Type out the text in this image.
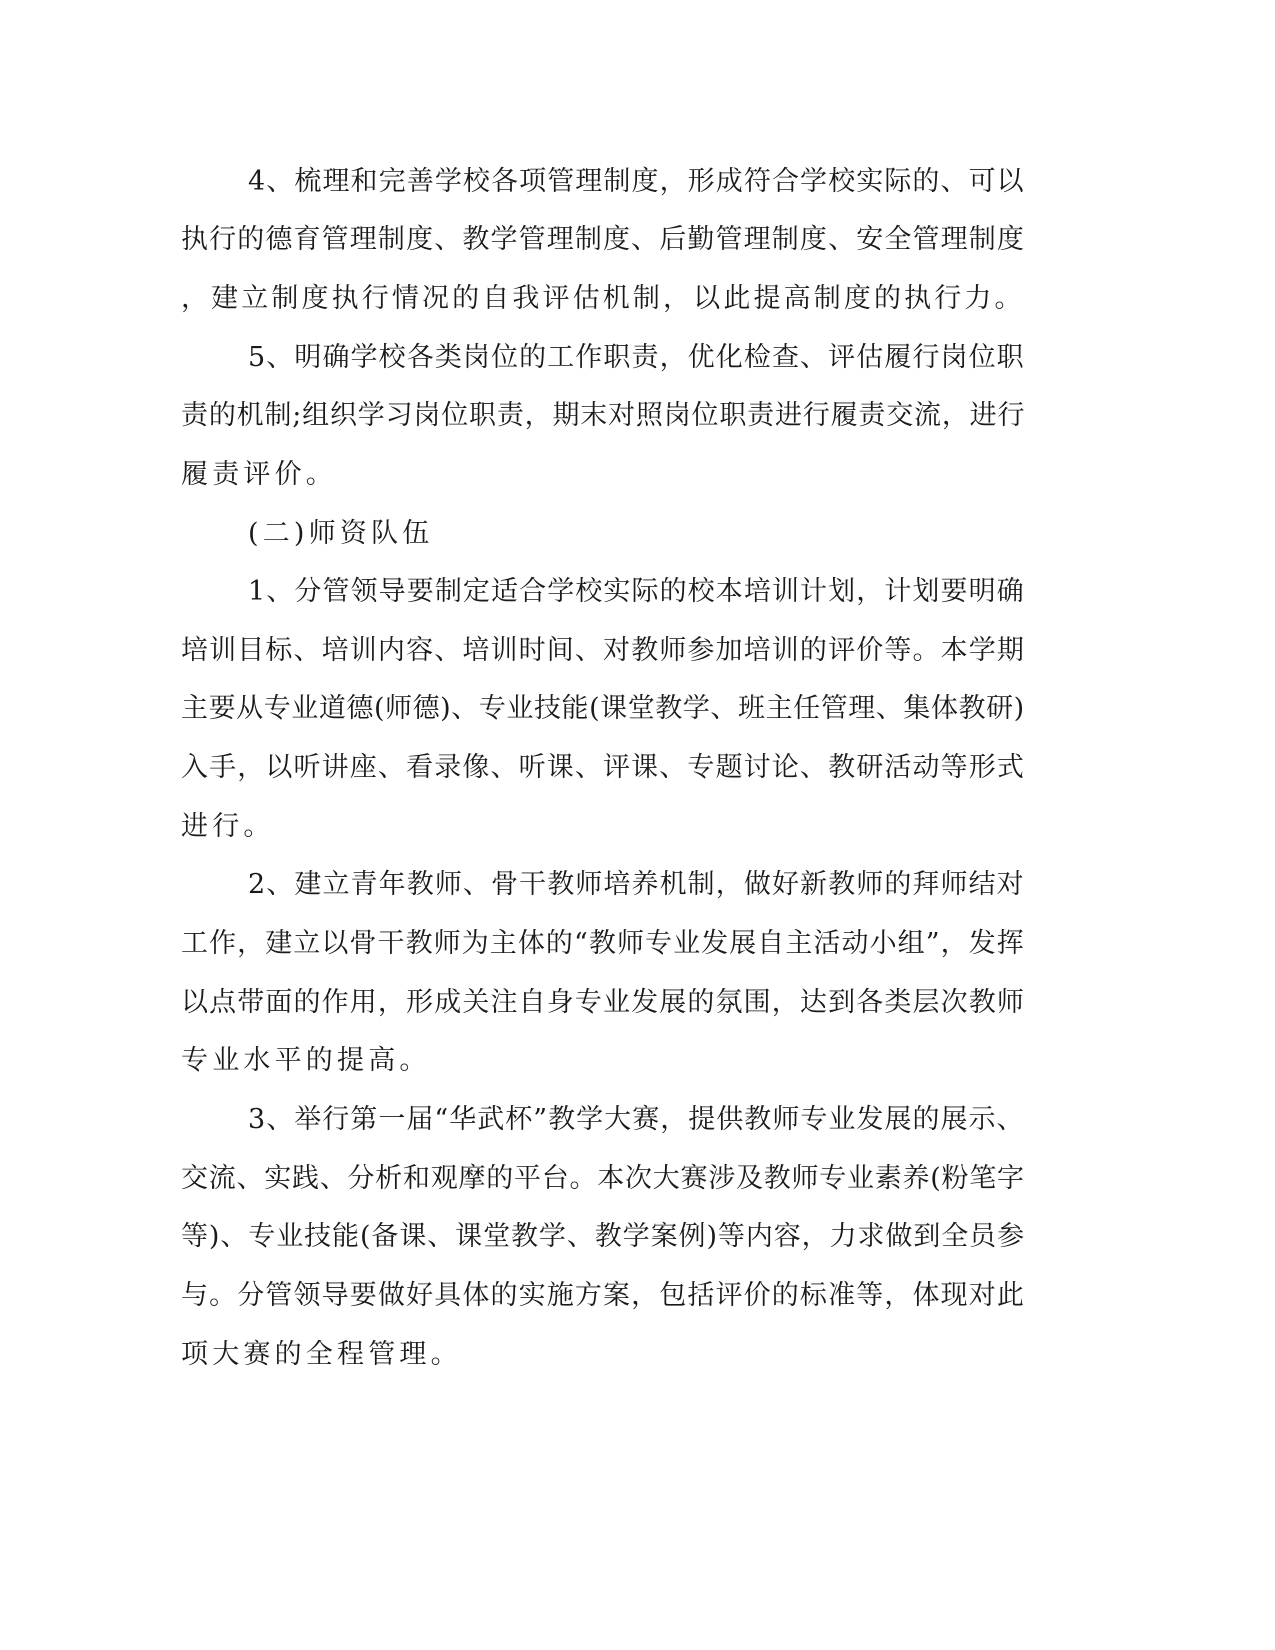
4、梳理和完善学校各项管理制度，形成符合学校实际的、可以
执行的德育管理制度、教学管理制度、后勤管理制度、安全管理制度
，建立制度执行情况的自我评估机制，以此提高制度的执行力。
5、明确学校各类岗位的工作职责，优化检查、评估履行岗位职
责的机制;组织学习岗位职责，期末对照岗位职责进行履责交流，进行
履责评价。
(二)师资队伍
1、分管领导要制定适合学校实际的校本培训计划，计划要明确
培训目标、培训内容、培训时间、对教师参加培训的评价等。本学期
主要从专业道德(师德)、专业技能(课堂教学、班主任管理、集体教研)
入手，以听讲座、看录像、听课、评课、专题讨论、教研活动等形式
进行。
2、建立青年教师、骨干教师培养机制，做好新教师的拜师结对
工作，建立以骨干教师为主体的“教师专业发展自主活动小组”，发挥
以点带面的作用，形成关注自身专业发展的氛围，达到各类层次教师
专业水平的提高。
3、举行第一届“华武杯”教学大赛，提供教师专业发展的展示、
交流、实践、分析和观摩的平台。本次大赛涉及教师专业素养(粉笔字
等)、专业技能(备课、课堂教学、教学案例)等内容，力求做到全员参
与。分管领导要做好具体的实施方案，包括评价的标准等，体现对此
项大赛的全程管理。
